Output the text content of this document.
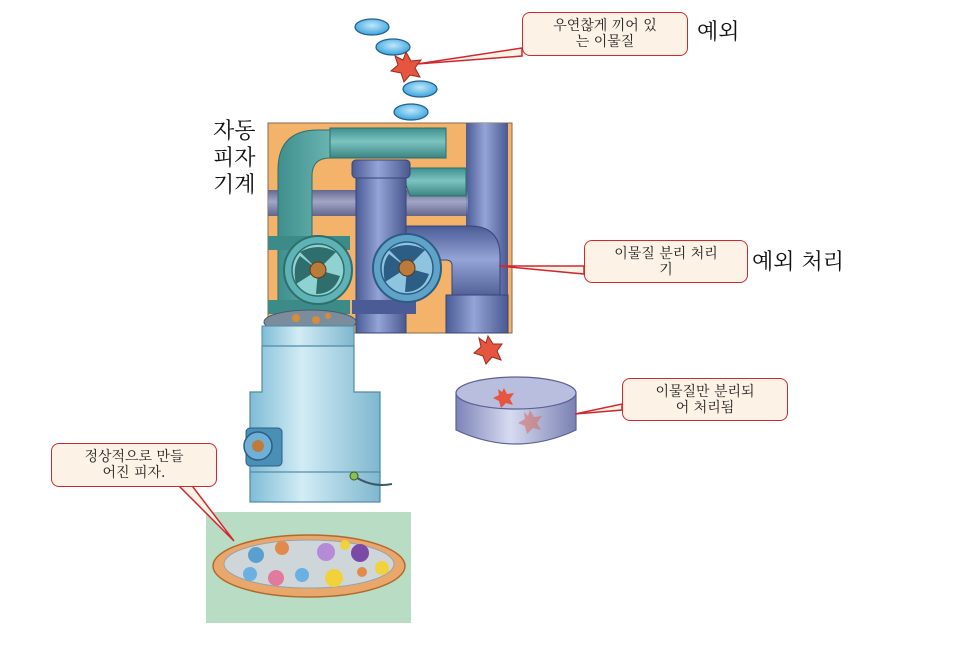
자동
피자
기계
예외
예외 처리
우연찮게 끼어 있
는 이물질
이물질 분리 처리
기
이물질만 분리되
어 처리됨
정상적으로 만들
어진 피자.
